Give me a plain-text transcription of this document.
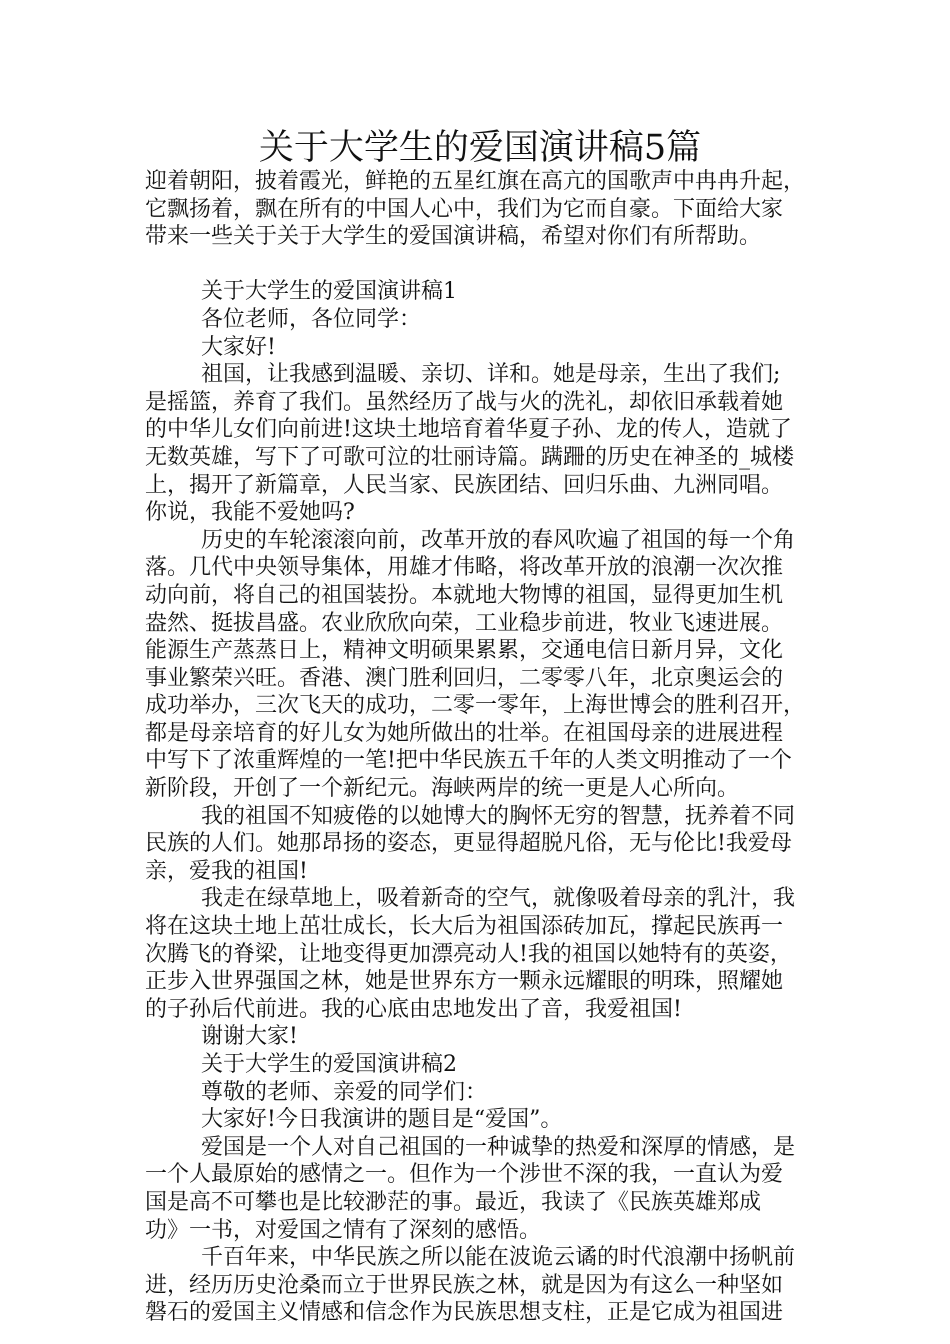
关于大学生的爱国演讲稿5篇
迎着朝阳，披着霞光，鲜艳的五星红旗在高亢的国歌声中冉冉升起，
它飘扬着，飘在所有的中国人心中，我们为它而自豪。下面给大家
带来一些关于关于大学生的爱国演讲稿，希望对你们有所帮助。
关于大学生的爱国演讲稿1
各位老师，各位同学：
大家好!
祖国，让我感到温暖、亲切、详和。她是母亲，生出了我们;
是摇篮，养育了我们。虽然经历了战与火的洗礼，却依旧承载着她
的中华儿女们向前进!这块土地培育着华夏子孙、龙的传人，造就了
无数英雄，写下了可歌可泣的壮丽诗篇。蹒跚的历史在神圣的_城楼
上，揭开了新篇章，人民当家、民族团结、回归乐曲、九洲同唱。
你说，我能不爱她吗?
历史的车轮滚滚向前，改革开放的春风吹遍了祖国的每一个角
落。几代中央领导集体，用雄才伟略，将改革开放的浪潮一次次推
动向前，将自己的祖国装扮。本就地大物博的祖国，显得更加生机
盎然、挺拔昌盛。农业欣欣向荣，工业稳步前进，牧业飞速进展。
能源生产蒸蒸日上，精神文明硕果累累，交通电信日新月异，文化
事业繁荣兴旺。香港、澳门胜利回归，二零零八年，北京奥运会的
成功举办，三次飞天的成功，二零一零年，上海世博会的胜利召开，
都是母亲培育的好儿女为她所做出的壮举。在祖国母亲的进展进程
中写下了浓重辉煌的一笔!把中华民族五千年的人类文明推动了一个
新阶段，开创了一个新纪元。海峡两岸的统一更是人心所向。
我的祖国不知疲倦的以她博大的胸怀无穷的智慧，抚养着不同
民族的人们。她那昂扬的姿态，更显得超脱凡俗，无与伦比!我爱母
亲，爱我的祖国!
我走在绿草地上，吸着新奇的空气，就像吸着母亲的乳汁，我
将在这块土地上茁壮成长，长大后为祖国添砖加瓦，撑起民族再一
次腾飞的脊梁，让地变得更加漂亮动人!我的祖国以她特有的英姿，
正步入世界强国之林，她是世界东方一颗永远耀眼的明珠，照耀她
的子孙后代前进。我的心底由忠地发出了音，我爱祖国!
谢谢大家!
关于大学生的爱国演讲稿2
尊敬的老师、亲爱的同学们：
大家好!今日我演讲的题目是“爱国”。
爱国是一个人对自己祖国的一种诚挚的热爱和深厚的情感，是
一个人最原始的感情之一。但作为一个涉世不深的我，一直认为爱
国是高不可攀也是比较渺茫的事。最近，我读了《民族英雄郑成
功》一书，对爱国之情有了深刻的感悟。
千百年来，中华民族之所以能在波诡云谲的时代浪潮中扬帆前
进，经历历史沧桑而立于世界民族之林，就是因为有这么一种坚如
磐石的爱国主义情感和信念作为民族思想支柱，正是它成为祖国进
